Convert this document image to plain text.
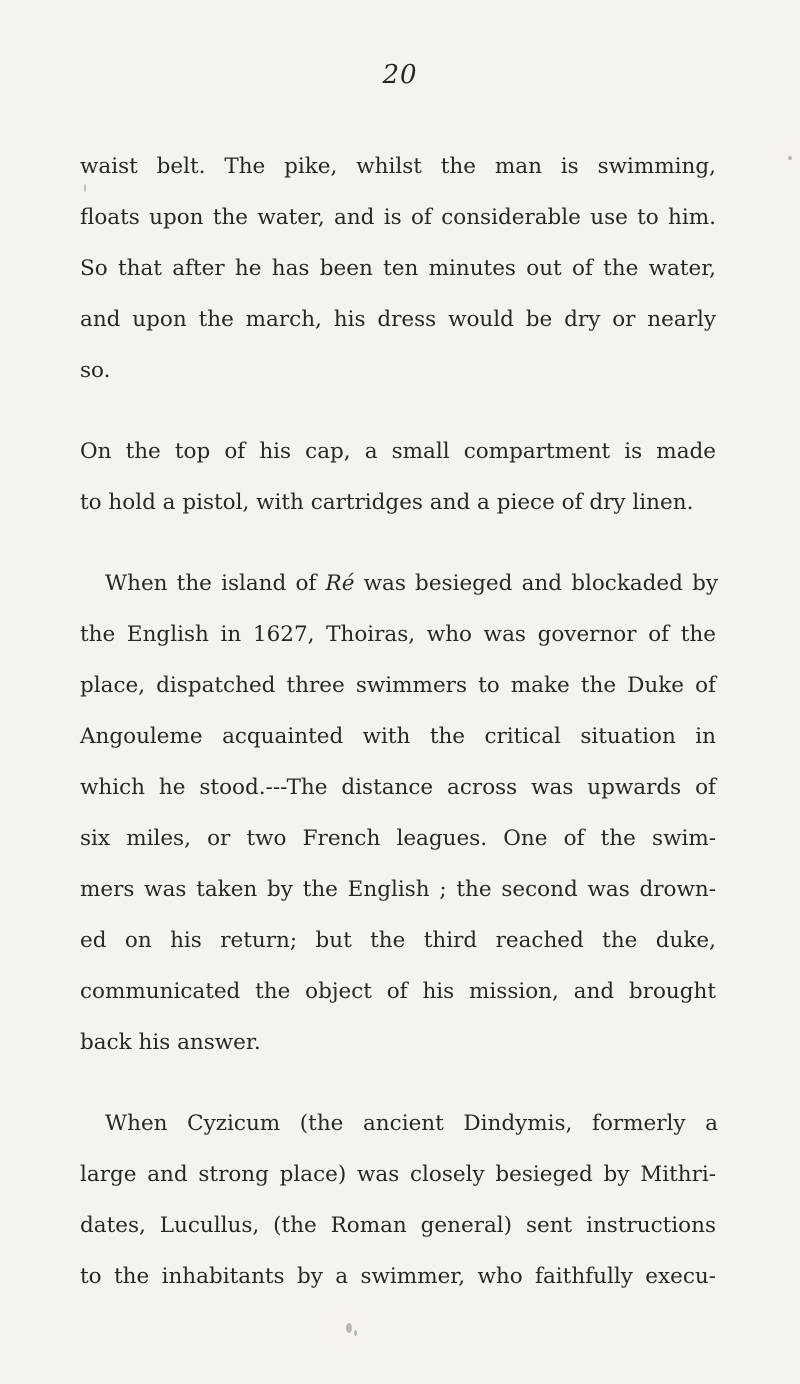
20
waist belt. The pike, whilst the man is swimming,
floats upon the water, and is of considerable use to him.
So that after he has been ten minutes out of the water,
and upon the march, his dress would be dry or nearly
so.
On the top of his cap, a small compartment is made
to hold a pistol, with cartridges and a piece of dry linen.
When the island of Ré was besieged and blockaded by
the English in 1627, Thoiras, who was governor of the
place, dispatched three swimmers to make the Duke of
Angouleme acquainted with the critical situation in
which he stood.---The distance across was upwards of
six miles, or two French leagues. One of the swim-
mers was taken by the English ; the second was drown-
ed on his return; but the third reached the duke,
communicated the object of his mission, and brought
back his answer.
When Cyzicum (the ancient Dindymis, formerly a
large and strong place) was closely besieged by Mithri-
dates, Lucullus, (the Roman general) sent instructions
to the inhabitants by a swimmer, who faithfully execu-
